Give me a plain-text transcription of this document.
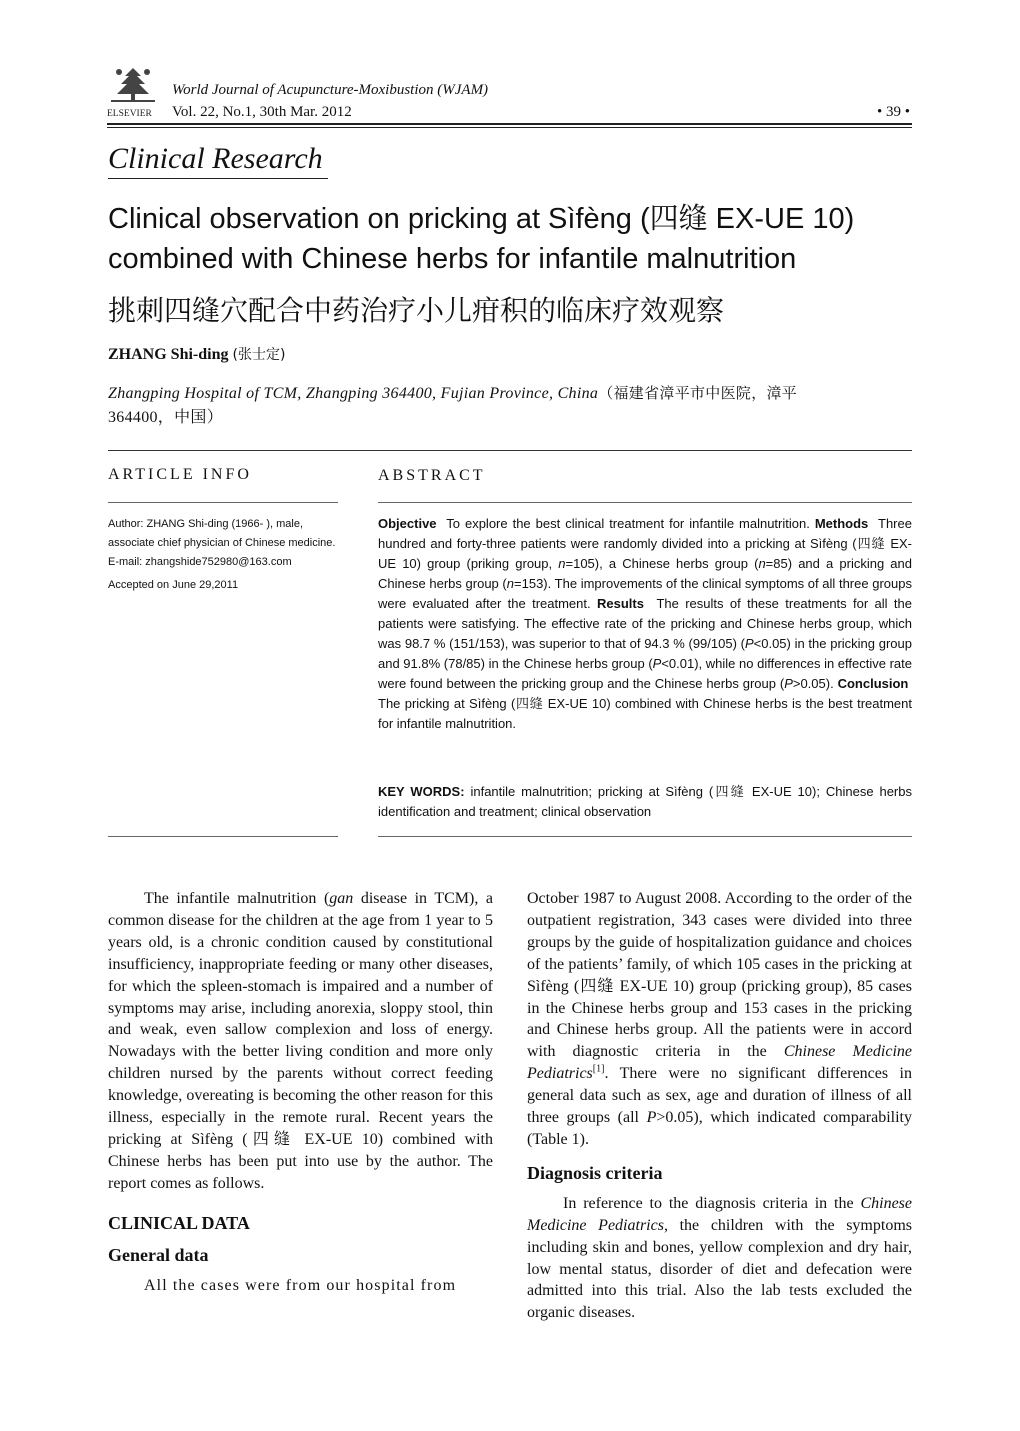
ELSEVIER
World Journal of Acupuncture-Moxibustion (WJAM)
Vol. 22, No.1, 30th Mar. 2012	• 39 •
Clinical Research
Clinical observation on pricking at Sìfèng (四缝 EX-UE 10)
combined with Chinese herbs for infantile malnutrition
挑刺四缝穴配合中药治疗小儿疳积的临床疗效观察
ZHANG Shi-ding (张士定)
Zhangping Hospital of TCM, Zhangping 364400, Fujian Province, China（福建省漳平市中医院，漳平
364400，中国）
ARTICLE INFO	ABSTRACT

Author: ZHANG Shi-ding (1966- ), male, associate chief physician of Chinese medicine.

E-mail: zhangshide752980@163.com

Accepted on June 29,2011

Objective To explore the best clinical treatment for infantile malnutrition. Methods Three hundred and forty-three patients were randomly divided into a pricking at Sìfèng (四缝 EX-UE 10) group (priking group, n=105), a Chinese herbs group (n=85) and a pricking and Chinese herbs group (n=153). The improvements of the clinical symptoms of all three groups were evaluated after the treatment. Results The results of these treatments for all the patients were satisfying. The effective rate of the pricking and Chinese herbs group, which was 98.7 % (151/153), was superior to that of 94.3 % (99/105) (P<0.05) in the pricking group and 91.8% (78/85) in the Chinese herbs group (P<0.01), while no differences in effective rate were found between the pricking group and the Chinese herbs group (P>0.05). Conclusion  The pricking at Sìfèng (四缝 EX-UE 10) combined with Chinese herbs is the best treatment for infantile malnutrition.
KEY WORDS: infantile malnutrition; pricking at Sìfèng (四缝 EX-UE 10); Chinese herbs identification and treatment; clinical observation

The infantile malnutrition (gan disease in TCM), a common disease for the children at the age from 1 year to 5 years old, is a chronic condition caused by constitutional insufficiency, inappropriate feeding or many other diseases, for which the spleen-stomach is impaired and a number of symptoms may arise, including anorexia, sloppy stool, thin and weak, even sallow complexion and loss of energy. Nowadays with the better living condition and more only children nursed by the parents without correct feeding knowledge, overeating is becoming the other reason for this illness, especially in the remote rural. Recent years the pricking at Sìfèng (四缝 EX-UE 10) combined with Chinese herbs has been put into use by the author. The report comes as follows.

CLINICAL DATA

General data

All the cases were from our hospital from

October 1987 to August 2008. According to the order of the outpatient registration, 343 cases were divided into three groups by the guide of hospitalization guidance and choices of the patients’ family, of which 105 cases in the pricking at Sìfèng (四缝 EX-UE 10) group (pricking group), 85 cases in the Chinese herbs group and 153 cases in the pricking and Chinese herbs group. All the patients were in accord with diagnostic criteria in the Chinese Medicine Pediatrics[1]. There were no significant differences in general data such as sex, age and duration of illness of all three groups (all P>0.05), which indicated comparability (Table 1).

Diagnosis criteria

In reference to the diagnosis criteria in the Chinese Medicine Pediatrics, the children with the symptoms including skin and bones, yellow complexion and dry hair, low mental status, disorder of diet and defecation were admitted into this trial. Also the lab tests excluded the organic diseases.
